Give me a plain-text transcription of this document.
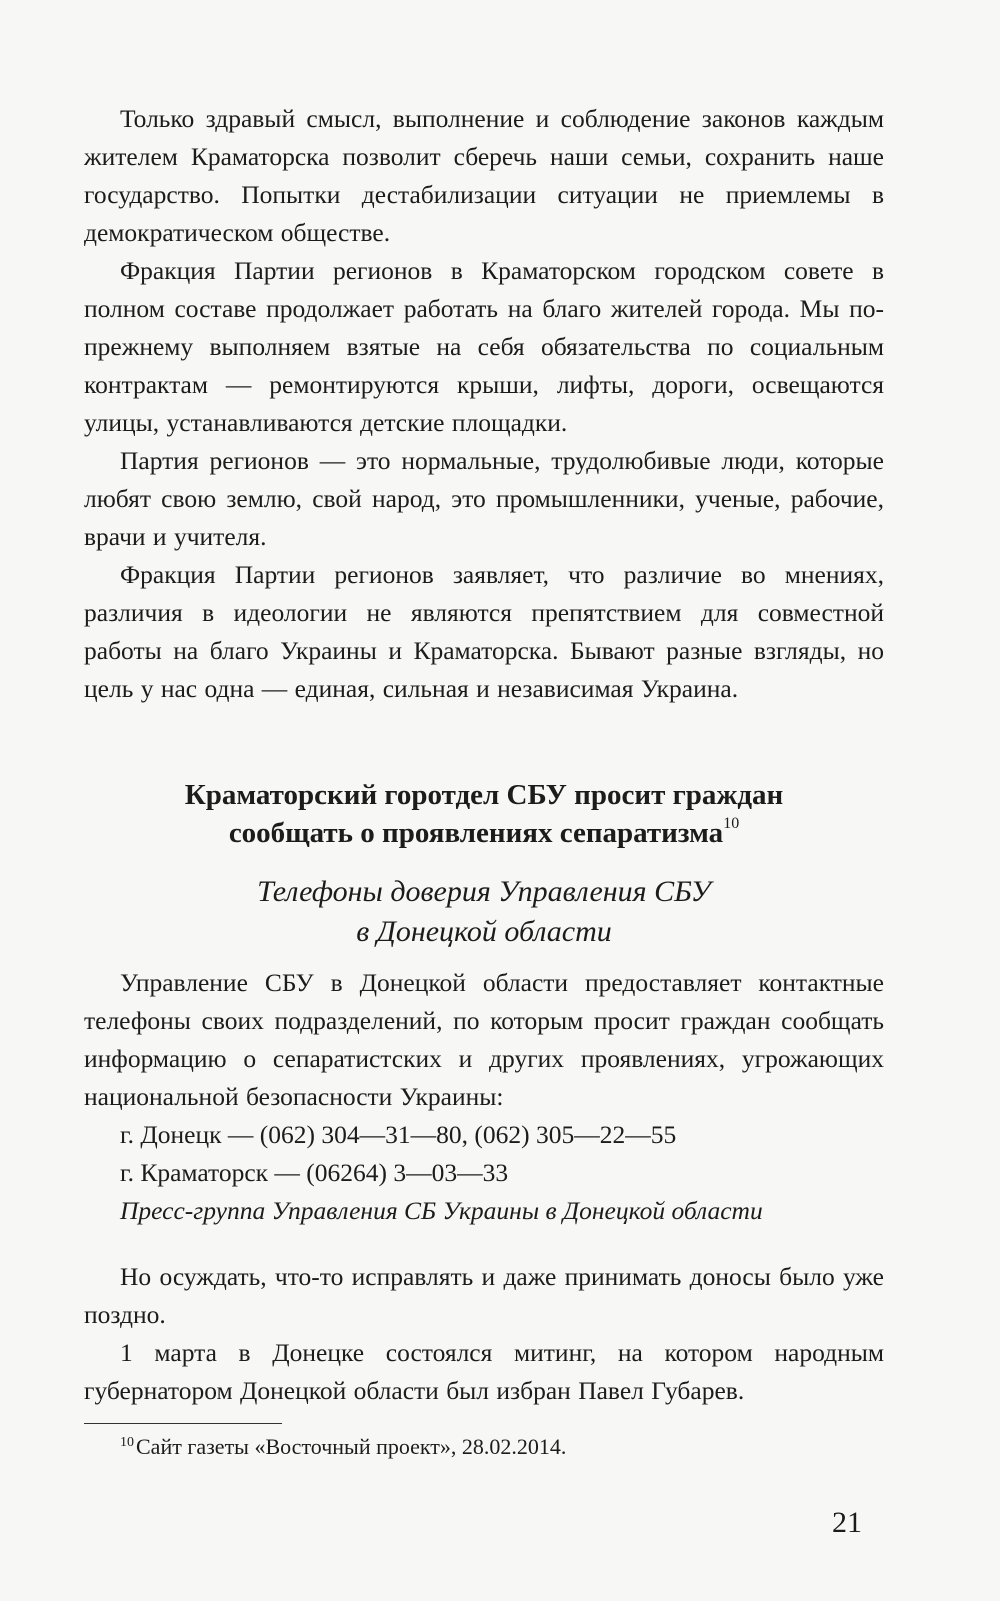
Только здравый смысл, выполнение и соблюдение законов каждым жителем Краматорска позволит сберечь наши семьи, сохранить наше государство. Попытки дестабилизации ситуации не приемлемы в демократическом обществе.

Фракция Партии регионов в Краматорском городском совете в полном составе продолжает работать на благо жителей города. Мы по-прежнему выполняем взятые на себя обязательства по социальным контрактам — ремонтируются крыши, лифты, дороги, освещаются улицы, устанавливаются детские площадки.

Партия регионов — это нормальные, трудолюбивые люди, которые любят свою землю, свой народ, это промышленники, ученые, рабочие, врачи и учителя.

Фракция Партии регионов заявляет, что различие во мнениях, различия в идеологии не являются препятствием для совместной работы на благо Украины и Краматорска. Бывают разные взгляды, но цель у нас одна — единая, сильная и независимая Украина.

Краматорский горотдел СБУ просит граждан
сообщать о проявлениях сепаратизма$^{10}$
Телефоны доверия Управления СБУ
в Донецкой области

Управление СБУ в Донецкой области предоставляет контактные телефоны своих подразделений, по которым просит граждан сообщать информацию о сепаратистских и других проявлениях, угрожающих национальной безопасности Украины:

г. Донецк — (062) 304—31—80, (062) 305—22—55

г. Краматорск — (06264) 3—03—33

Пресс-группа Управления СБ Украины в Донецкой области

Но осуждать, что-то исправлять и даже принимать доносы было уже поздно.

1 марта в Донецке состоялся митинг, на котором народным губернатором Донецкой области был избран Павел Губарев.

$^{10}$Сайт газеты «Восточный проект», 28.02.2014.
21
